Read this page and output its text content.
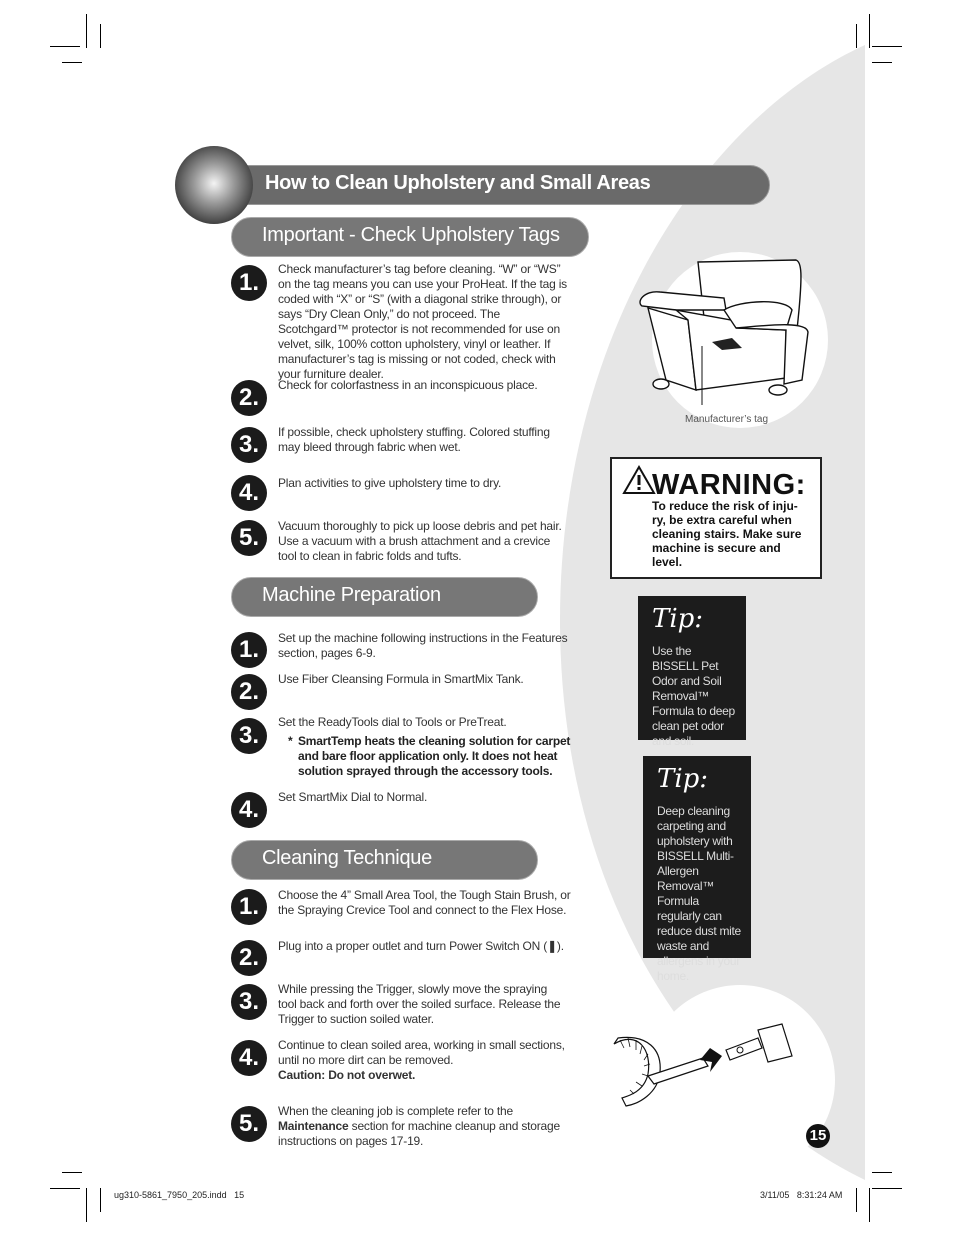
How to Clean Upholstery and Small Areas
Important - Check Upholstery Tags
1.	Check manufacturer’s tag before cleaning. “W” or “WS” on the tag means you can use your ProHeat. If the tag is coded with “X” or “S” (with a diagonal strike through), or says “Dry Clean Only,” do not proceed. The Scotchgard™ protector is not recommended for use on velvet, silk, 100% cotton upholstery, vinyl or leather. If manufacturer’s tag is missing or not coded, check with your furniture dealer.
2.	Check for colorfastness in an inconspicuous place.
3.	If possible, check upholstery stuffing. Colored stuffing may bleed through fabric when wet.
4.	Plan activities to give upholstery time to dry.
5.	Vacuum thoroughly to pick up loose debris and pet hair. Use a vacuum with a brush attachment and a crevice tool to clean in fabric folds and tufts.
Machine Preparation
1.	Set up the machine following instructions in the Features section, pages 6-9.
2.	Use Fiber Cleansing Formula in SmartMix Tank.
3.	Set the ReadyTools dial to Tools or PreTreat.
* SmartTemp heats the cleaning solution for carpet and bare floor application only. It does not heat solution sprayed through the accessory tools.
4.	Set SmartMix Dial to Normal.
Cleaning Technique
1.	Choose the 4” Small Area Tool, the Tough Stain Brush, or the Spraying Crevice Tool and connect to the Flex Hose.
2.	Plug into a proper outlet and turn Power Switch ON (❚).
3.	While pressing the Trigger, slowly move the spraying tool back and forth over the soiled surface. Release the Trigger to suction soiled water.
4.	Continue to clean soiled area, working in small sections, until no more dirt can be removed.
Caution: Do not overwet.
5.	When the cleaning job is complete refer to the
Maintenance section for machine cleanup and storage instructions on pages 17-19.
Manufacturer’s tag
WARNING:
To reduce the risk of inju-ry, be extra careful when cleaning stairs. Make sure machine is secure and level.
Tip:
Use the BISSELL Pet Odor and Soil Removal™ Formula to deep clean pet odor and soil.
Tip:
Deep cleaning carpeting and upholstery with BISSELL Multi-Allergen Removal™ Formula regularly can reduce dust mite waste and allergens in your home.
15
ug310-5861_7950_205.indd   15	3/11/05   8:31:24 AM
